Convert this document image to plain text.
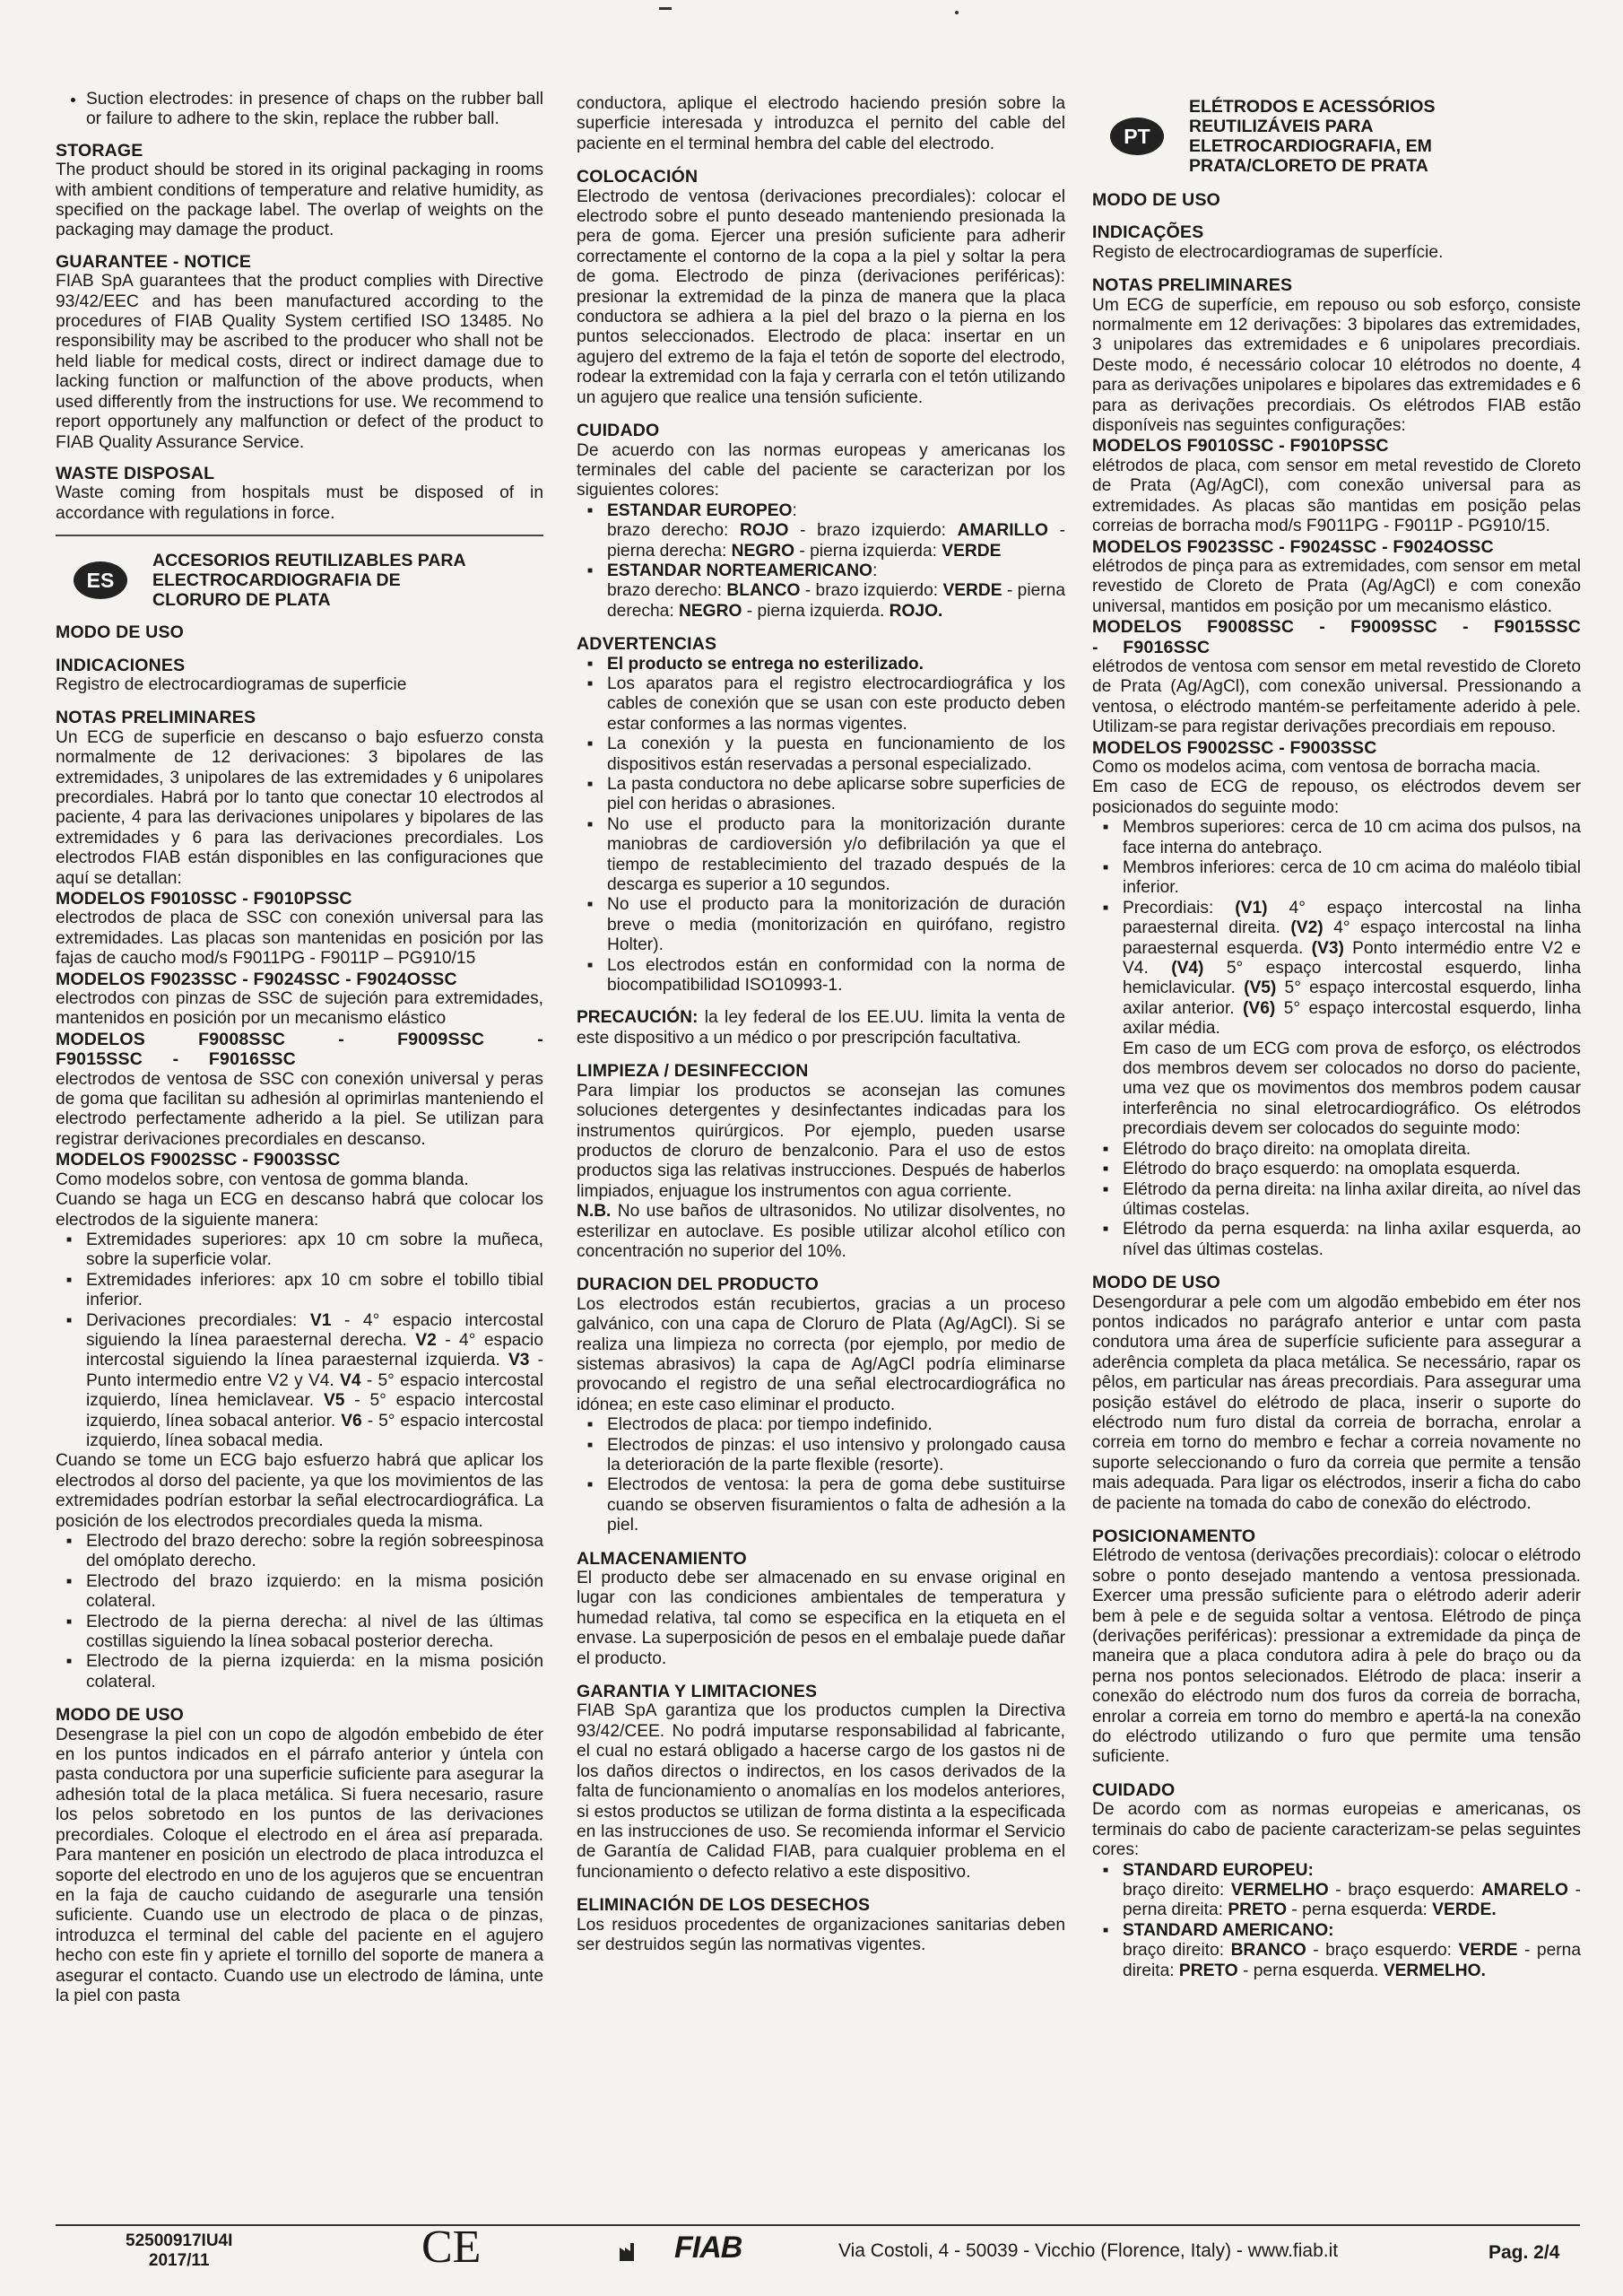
• Suction electrodes: in presence of chaps on the rubber ball or failure to adhere to the skin, replace the rubber ball.
STORAGE

The product should be stored in its original packaging in rooms with ambient conditions of temperature and relative humidity, as specified on the package label. The overlap of weights on the packaging may damage the product.

GUARANTEE - NOTICE

FIAB SpA guarantees that the product complies with Directive 93/42/EEC and has been manufactured according to the procedures of FIAB Quality System certified ISO 13485. No responsibility may be ascribed to the producer who shall not be held liable for medical costs, direct or indirect damage due to lacking function or malfunction of the above products, when used differently from the instructions for use. We recommend to report opportunely any malfunction or defect of the product to FIAB Quality Assurance Service.

WASTE DISPOSAL

Waste coming from hospitals must be disposed of in accordance with regulations in force.

ES
ACCESORIOS REUTILIZABLES PARA ELECTROCARDIOGRAFIA DE CLORURO DE PLATA
MODO DE USO
INDICACIONES

Registro de electrocardiogramas de superficie

NOTAS PRELIMINARES

Un ECG de superficie en descanso o bajo esfuerzo consta normalmente de 12 derivaciones: 3 bipolares de las extremidades, 3 unipolares de las extremidades y 6 unipolares precordiales. Habrá por lo tanto que conectar 10 electrodos al paciente, 4 para las derivaciones unipolares y bipolares de las extremidades y 6 para las derivaciones precordiales. Los electrodos FIAB están disponibles en las configuraciones que aquí se detallan:

MODELOS F9010SSC - F9010PSSC

electrodos de placa de SSC con conexión universal para las extremidades. Las placas son mantenidas en posición por las fajas de caucho mod/s F9011PG - F9011P – PG910/15

MODELOS F9023SSC - F9024SSC - F9024OSSC

electrodos con pinzas de SSC de sujeción para extremidades, mantenidos en posición por un mecanismo elástico

MODELOS F9008SSC - F9009SSC - F9015SSC - F9016SSC

electrodos de ventosa de SSC con conexión universal y peras de goma que facilitan su adhesión al oprimirlas manteniendo el electrodo perfectamente adherido a la piel. Se utilizan para registrar derivaciones precordiales en descanso.

MODELOS F9002SSC - F9003SSC

Como modelos sobre, con ventosa de gomma blanda.

Cuando se haga un ECG en descanso habrá que colocar los electrodos de la siguiente manera:

■ Extremidades superiores: apx 10 cm sobre la muñeca, sobre la superficie volar.
■ Extremidades inferiores: apx 10 cm sobre el tobillo tibial inferior.
■ Derivaciones precordiales: V1 - 4° espacio intercostal siguiendo la línea paraesternal derecha. V2 - 4° espacio intercostal siguiendo la línea paraesternal izquierda. V3 - Punto intermedio entre V2 y V4. V4 - 5° espacio intercostal izquierdo, línea hemiclavear. V5 - 5° espacio intercostal izquierdo, línea sobacal anterior. V6 - 5° espacio intercostal izquierdo, línea sobacal media.

Cuando se tome un ECG bajo esfuerzo habrá que aplicar los electrodos al dorso del paciente, ya que los movimientos de las extremidades podrían estorbar la señal electrocardiográfica. La posición de los electrodos precordiales queda la misma.

■ Electrodo del brazo derecho: sobre la región sobreespinosa del omóplato derecho.
■ Electrodo del brazo izquierdo: en la misma posición colateral.
■ Electrodo de la pierna derecha: al nivel de las últimas costillas siguiendo la línea sobacal posterior derecha.
■ Electrodo de la pierna izquierda: en la misma posición colateral.
MODO DE USO

Desengrase la piel con un copo de algodón embebido de éter en los puntos indicados en el párrafo anterior y úntela con pasta conductora por una superficie suficiente para asegurar la adhesión total de la placa metálica. Si fuera necesario, rasure los pelos sobretodo en los puntos de las derivaciones precordiales. Coloque el electrodo en el área así preparada. Para mantener en posición un electrodo de placa introduzca el soporte del electrodo en uno de los agujeros que se encuentran en la faja de caucho cuidando de asegurarle una tensión suficiente. Cuando use un electrodo de placa o de pinzas, introduzca el terminal del cable del paciente en el agujero hecho con este fin y apriete el tornillo del soporte de manera a asegurar el contacto. Cuando use un electrodo de lámina, unte la piel con pasta

conductora, aplique el electrodo haciendo presión sobre la superficie interesada y introduzca el pernito del cable del paciente en el terminal hembra del cable del electrodo.

COLOCACIÓN

Electrodo de ventosa (derivaciones precordiales): colocar el electrodo sobre el punto deseado manteniendo presionada la pera de goma. Ejercer una presión suficiente para adherir correctamente el contorno de la copa a la piel y soltar la pera de goma. Electrodo de pinza (derivaciones periféricas): presionar la extremidad de la pinza de manera que la placa conductora se adhiera a la piel del brazo o la pierna en los puntos seleccionados. Electrodo de placa: insertar en un agujero del extremo de la faja el tetón de soporte del electrodo, rodear la extremidad con la faja y cerrarla con el tetón utilizando un agujero que realice una tensión suficiente.

CUIDADO

De acuerdo con las normas europeas y americanas los terminales del cable del paciente se caracterizan por los siguientes colores:

■ ESTANDAR EUROPEO:
brazo derecho: ROJO - brazo izquierdo: AMARILLO - pierna derecha: NEGRO - pierna izquierda: VERDE
■ ESTANDAR NORTEAMERICANO:
brazo derecho: BLANCO - brazo izquierdo: VERDE - pierna derecha: NEGRO - pierna izquierda. ROJO.
ADVERTENCIAS
■ El producto se entrega no esterilizado.
■ Los aparatos para el registro electrocardiográfica y los cables de conexión que se usan con este producto deben estar conformes a las normas vigentes.
■ La conexión y la puesta en funcionamiento de los dispositivos están reservadas a personal especializado.
■ La pasta conductora no debe aplicarse sobre superficies de piel con heridas o abrasiones.
■ No use el producto para la monitorización durante maniobras de cardioversión y/o defibrilación ya que el tiempo de restablecimiento del trazado después de la descarga es superior a 10 segundos.
■ No use el producto para la monitorización de duración breve o media (monitorización en quirófano, registro Holter).
■ Los electrodos están en conformidad con la norma de biocompatibilidad ISO10993-1.

PRECAUCIÓN: la ley federal de los EE.UU. limita la venta de este dispositivo a un médico o por prescripción facultativa.

LIMPIEZA / DESINFECCION

Para limpiar los productos se aconsejan las comunes soluciones detergentes y desinfectantes indicadas para los instrumentos quirúrgicos. Por ejemplo, pueden usarse productos de cloruro de benzalconio. Para el uso de estos productos siga las relativas instrucciones. Después de haberlos limpiados, enjuague los instrumentos con agua corriente.

N.B. No use baños de ultrasonidos. No utilizar disolventes, no esterilizar en autoclave. Es posible utilizar alcohol etílico con concentración no superior del 10%.

DURACION DEL PRODUCTO

Los electrodos están recubiertos, gracias a un proceso galvánico, con una capa de Cloruro de Plata (Ag/AgCl). Si se realiza una limpieza no correcta (por ejemplo, por medio de sistemas abrasivos) la capa de Ag/AgCl podría eliminarse provocando el registro de una señal electrocardiográfica no idónea; en este caso eliminar el producto.

■ Electrodos de placa: por tiempo indefinido.
■ Electrodos de pinzas: el uso intensivo y prolongado causa la deterioración de la parte flexible (resorte).
■ Electrodos de ventosa: la pera de goma debe sustituirse cuando se observen fisuramientos o falta de adhesión a la piel.
ALMACENAMIENTO

El producto debe ser almacenado en su envase original en lugar con las condiciones ambientales de temperatura y humedad relativa, tal como se especifica en la etiqueta en el envase. La superposición de pesos en el embalaje puede dañar el producto.

GARANTIA Y LIMITACIONES

FIAB SpA garantiza que los productos cumplen la Directiva 93/42/CEE. No podrá imputarse responsabilidad al fabricante, el cual no estará obligado a hacerse cargo de los gastos ni de los daños directos o indirectos, en los casos derivados de la falta de funcionamiento o anomalías en los modelos anteriores, si estos productos se utilizan de forma distinta a la especificada en las instrucciones de uso. Se recomienda informar el Servicio de Garantía de Calidad FIAB, para cualquier problema en el funcionamiento o defecto relativo a este dispositivo.

ELIMINACIÓN DE LOS DESECHOS

Los residuos procedentes de organizaciones sanitarias deben ser destruidos según las normativas vigentes.

PT
ELÉTRODOS E ACESSÓRIOS REUTILIZÁVEIS PARA ELETROCARDIOGRAFIA, EM PRATA/CLORETO DE PRATA
MODO DE USO
INDICAÇÕES

Registo de electrocardiogramas de superfície.

NOTAS PRELIMINARES

Um ECG de superfície, em repouso ou sob esforço, consiste normalmente em 12 derivações: 3 bipolares das extremidades, 3 unipolares das extremidades e 6 unipolares precordiais. Deste modo, é necessário colocar 10 elétrodos no doente, 4 para as derivações unipolares e bipolares das extremidades e 6 para as derivações precordiais. Os elétrodos FIAB estão disponíveis nas seguintes configurações:

MODELOS F9010SSC - F9010PSSC

elétrodos de placa, com sensor em metal revestido de Cloreto de Prata (Ag/AgCl), com conexão universal para as extremidades. As placas são mantidas em posição pelas correias de borracha mod/s F9011PG - F9011P - PG910/15.

MODELOS F9023SSC - F9024SSC - F9024OSSC

elétrodos de pinça para as extremidades, com sensor em metal revestido de Cloreto de Prata (Ag/AgCl) e com conexão universal, mantidos em posição por um mecanismo elástico.

MODELOS F9008SSC - F9009SSC - F9015SSC - F9016SSC

elétrodos de ventosa com sensor em metal revestido de Cloreto de Prata (Ag/AgCl), com conexão universal. Pressionando a ventosa, o eléctrodo mantém-se perfeitamente aderido à pele. Utilizam-se para registar derivações precordiais em repouso.

MODELOS F9002SSC - F9003SSC

Como os modelos acima, com ventosa de borracha macia.

Em caso de ECG de repouso, os eléctrodos devem ser posicionados do seguinte modo:

■ Membros superiores: cerca de 10 cm acima dos pulsos, na face interna do antebraço.
■ Membros inferiores: cerca de 10 cm acima do maléolo tibial inferior.
■ Precordiais: (V1) 4° espaço intercostal na linha paraesternal direita. (V2) 4° espaço intercostal na linha paraesternal esquerda. (V3) Ponto intermédio entre V2 e V4. (V4) 5° espaço intercostal esquerdo, linha hemiclavicular. (V5) 5° espaço intercostal esquerdo, linha axilar anterior. (V6) 5° espaço intercostal esquerdo, linha axilar média.
Em caso de um ECG com prova de esforço, os eléctrodos dos membros devem ser colocados no dorso do paciente, uma vez que os movimentos dos membros podem causar interferência no sinal eletrocardiográfico. Os elétrodos precordiais devem ser colocados do seguinte modo:
■ Elétrodo do braço direito: na omoplata direita.
■ Elétrodo do braço esquerdo: na omoplata esquerda.
■ Elétrodo da perna direita: na linha axilar direita, ao nível das últimas costelas.
■ Elétrodo da perna esquerda: na linha axilar esquerda, ao nível das últimas costelas.
MODO DE USO

Desengordurar a pele com um algodão embebido em éter nos pontos indicados no parágrafo anterior e untar com pasta condutora uma área de superfície suficiente para assegurar a aderência completa da placa metálica. Se necessário, rapar os pêlos, em particular nas áreas precordiais. Para assegurar uma posição estável do elétrodo de placa, inserir o suporte do eléctrodo num furo distal da correia de borracha, enrolar a correia em torno do membro e fechar a correia novamente no suporte seleccionando o furo da correia que permite a tensão mais adequada. Para ligar os eléctrodos, inserir a ficha do cabo de paciente na tomada do cabo de conexão do eléctrodo.

POSICIONAMENTO

Elétrodo de ventosa (derivações precordiais): colocar o elétrodo sobre o ponto desejado mantendo a ventosa pressionada. Exercer uma pressão suficiente para o elétrodo aderir aderir bem à pele e de seguida soltar a ventosa. Elétrodo de pinça (derivações periféricas): pressionar a extremidade da pinça de maneira que a placa condutora adira à pele do braço ou da perna nos pontos selecionados. Elétrodo de placa: inserir a conexão do eléctrodo num dos furos da correia de borracha, enrolar a correia em torno do membro e apertá-la na conexão do eléctrodo utilizando o furo que permite uma tensão suficiente.

CUIDADO

De acordo com as normas europeias e americanas, os terminais do cabo de paciente caracterizam-se pelas seguintes cores:

■ STANDARD EUROPEU:
braço direito: VERMELHO - braço esquerdo: AMARELO - perna direita: PRETO - perna esquerda: VERDE.
■ STANDARD AMERICANO:
braço direito: BRANCO - braço esquerdo: VERDE - perna direita: PRETO - perna esquerda. VERMELHO.
52500917IU4I
2017/11	CE	FIAB	Via Costoli, 4 - 50039 - Vicchio (Florence, Italy) - www.fiab.it	Pag. 2/4
